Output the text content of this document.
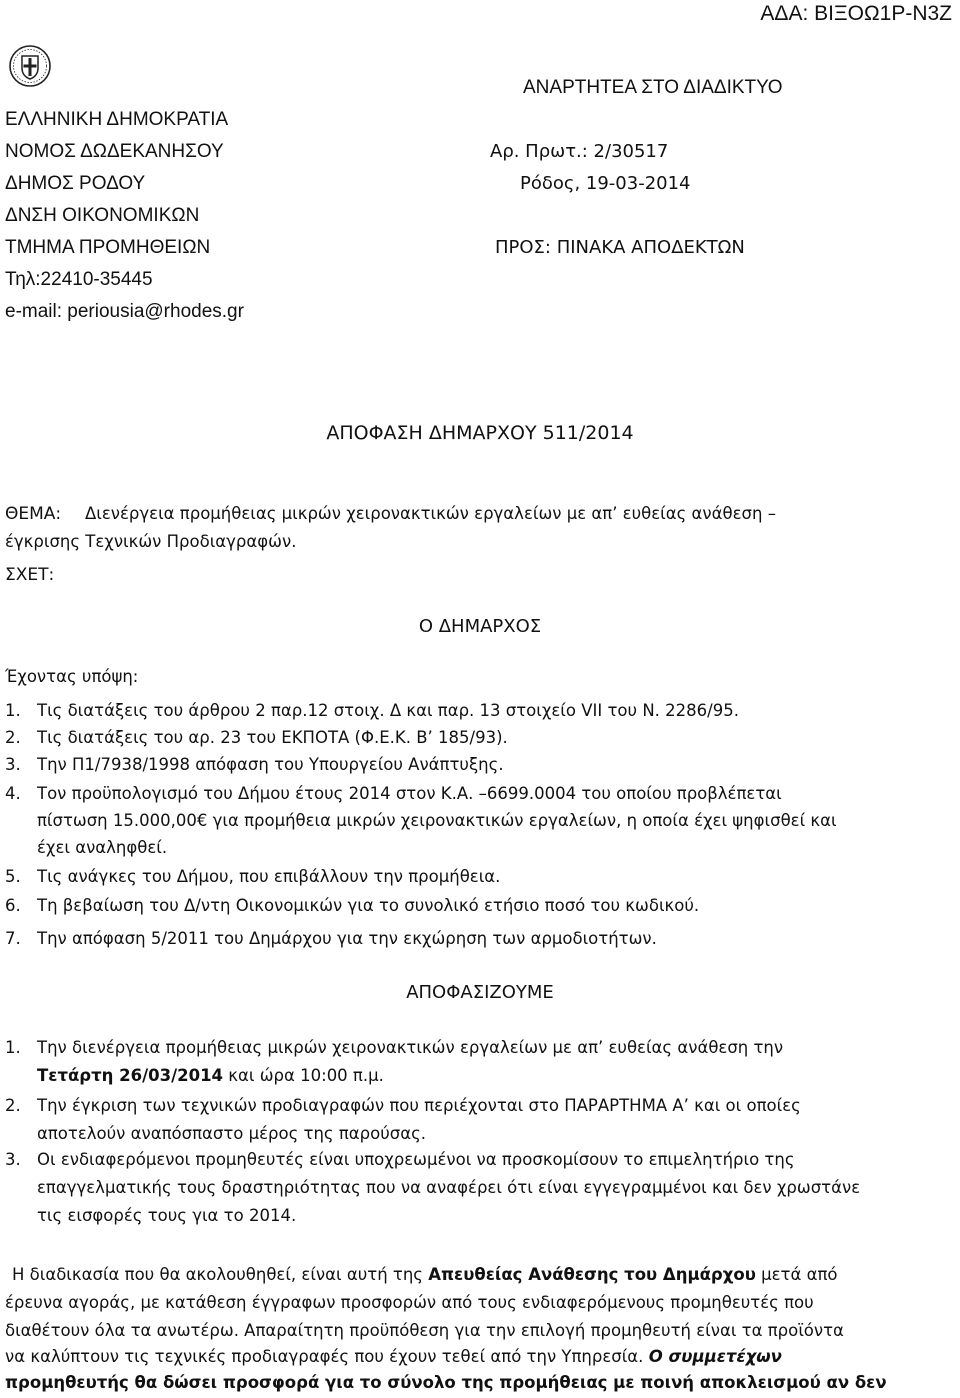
ΑΔΑ: ΒΙΞΟΩ1Ρ-Ν3Ζ
ΕΛΛΗΝΙΚΗ ΔΗΜΟΚΡΑΤΙΑ
ΝΟΜΟΣ ΔΩΔΕΚΑΝΗΣΟΥ
ΔΗΜΟΣ ΡΟΔΟΥ
ΔΝΣΗ ΟΙΚΟΝΟΜΙΚΩΝ
ΤΜΗΜΑ ΠΡΟΜΗΘΕΙΩΝ
Τηλ:22410-35445
e-mail: periousia@rhodes.gr
ΑΝΑΡΤΗΤΕΑ ΣΤΟ ΔΙΑΔΙΚΤΥΟ
Αρ. Πρωτ.: 2/30517
Ρόδος, 19-03-2014
ΠΡΟΣ: ΠΙΝΑΚΑ ΑΠΟΔΕΚΤΩΝ
ΑΠΟΦΑΣΗ ΔΗΜΑΡΧΟΥ 511/2014
ΘΕΜΑ: Διενέργεια προμήθειας μικρών χειρονακτικών εργαλείων με απ’ ευθείας ανάθεση –
έγκρισης Τεχνικών Προδιαγραφών.
ΣΧΕΤ:
Ο ΔΗΜΑΡΧΟΣ
Έχοντας υπόψη:
1. Τις διατάξεις του άρθρου 2 παρ.12 στοιχ. Δ και παρ. 13 στοιχείο VII του Ν. 2286/95.
2. Τις διατάξεις του αρ. 23 του ΕΚΠΟΤΑ (Φ.Ε.Κ. Β’ 185/93).
3. Την Π1/7938/1998 απόφαση του Υπουργείου Ανάπτυξης.
4. Τον προϋπολογισμό του Δήμου έτους 2014 στον Κ.Α. –6699.0004 του οποίου προβλέπεται
πίστωση 15.000,00€ για προμήθεια μικρών χειρονακτικών εργαλείων, η οποία έχει ψηφισθεί και
έχει αναληφθεί.
5. Τις ανάγκες του Δήμου, που επιβάλλουν την προμήθεια.
6. Τη βεβαίωση του Δ/ντη Οικονομικών για το συνολικό ετήσιο ποσό του κωδικού.
7. Την απόφαση 5/2011 του Δημάρχου για την εκχώρηση των αρμοδιοτήτων.
ΑΠΟΦΑΣΙΖΟΥΜΕ
1. Την διενέργεια προμήθειας μικρών χειρονακτικών εργαλείων με απ’ ευθείας ανάθεση την
Τετάρτη 26/03/2014 και ώρα 10:00 π.μ.
2. Την έγκριση των τεχνικών προδιαγραφών που περιέχονται στο ΠΑΡΑΡΤΗΜΑ Α’ και οι οποίες
αποτελούν αναπόσπαστο μέρος της παρούσας.
3. Οι ενδιαφερόμενοι προμηθευτές είναι υποχρεωμένοι να προσκομίσουν το επιμελητήριο της
επαγγελματικής τους δραστηριότητας που να αναφέρει ότι είναι εγγεγραμμένοι και δεν χρωστάνε
τις εισφορές τους για το 2014.
Η διαδικασία που θα ακολουθηθεί, είναι αυτή της Απευθείας Ανάθεσης του Δημάρχου μετά από
έρευνα αγοράς, με κατάθεση έγγραφων προσφορών από τους ενδιαφερόμενους προμηθευτές που
διαθέτουν όλα τα ανωτέρω. Απαραίτητη προϋπόθεση για την επιλογή προμηθευτή είναι τα προϊόντα
να καλύπτουν τις τεχνικές προδιαγραφές που έχουν τεθεί από την Υπηρεσία. Ο συμμετέχων
προμηθευτής θα δώσει προσφορά για το σύνολο της προμήθειας με ποινή αποκλεισμού αν δεν
